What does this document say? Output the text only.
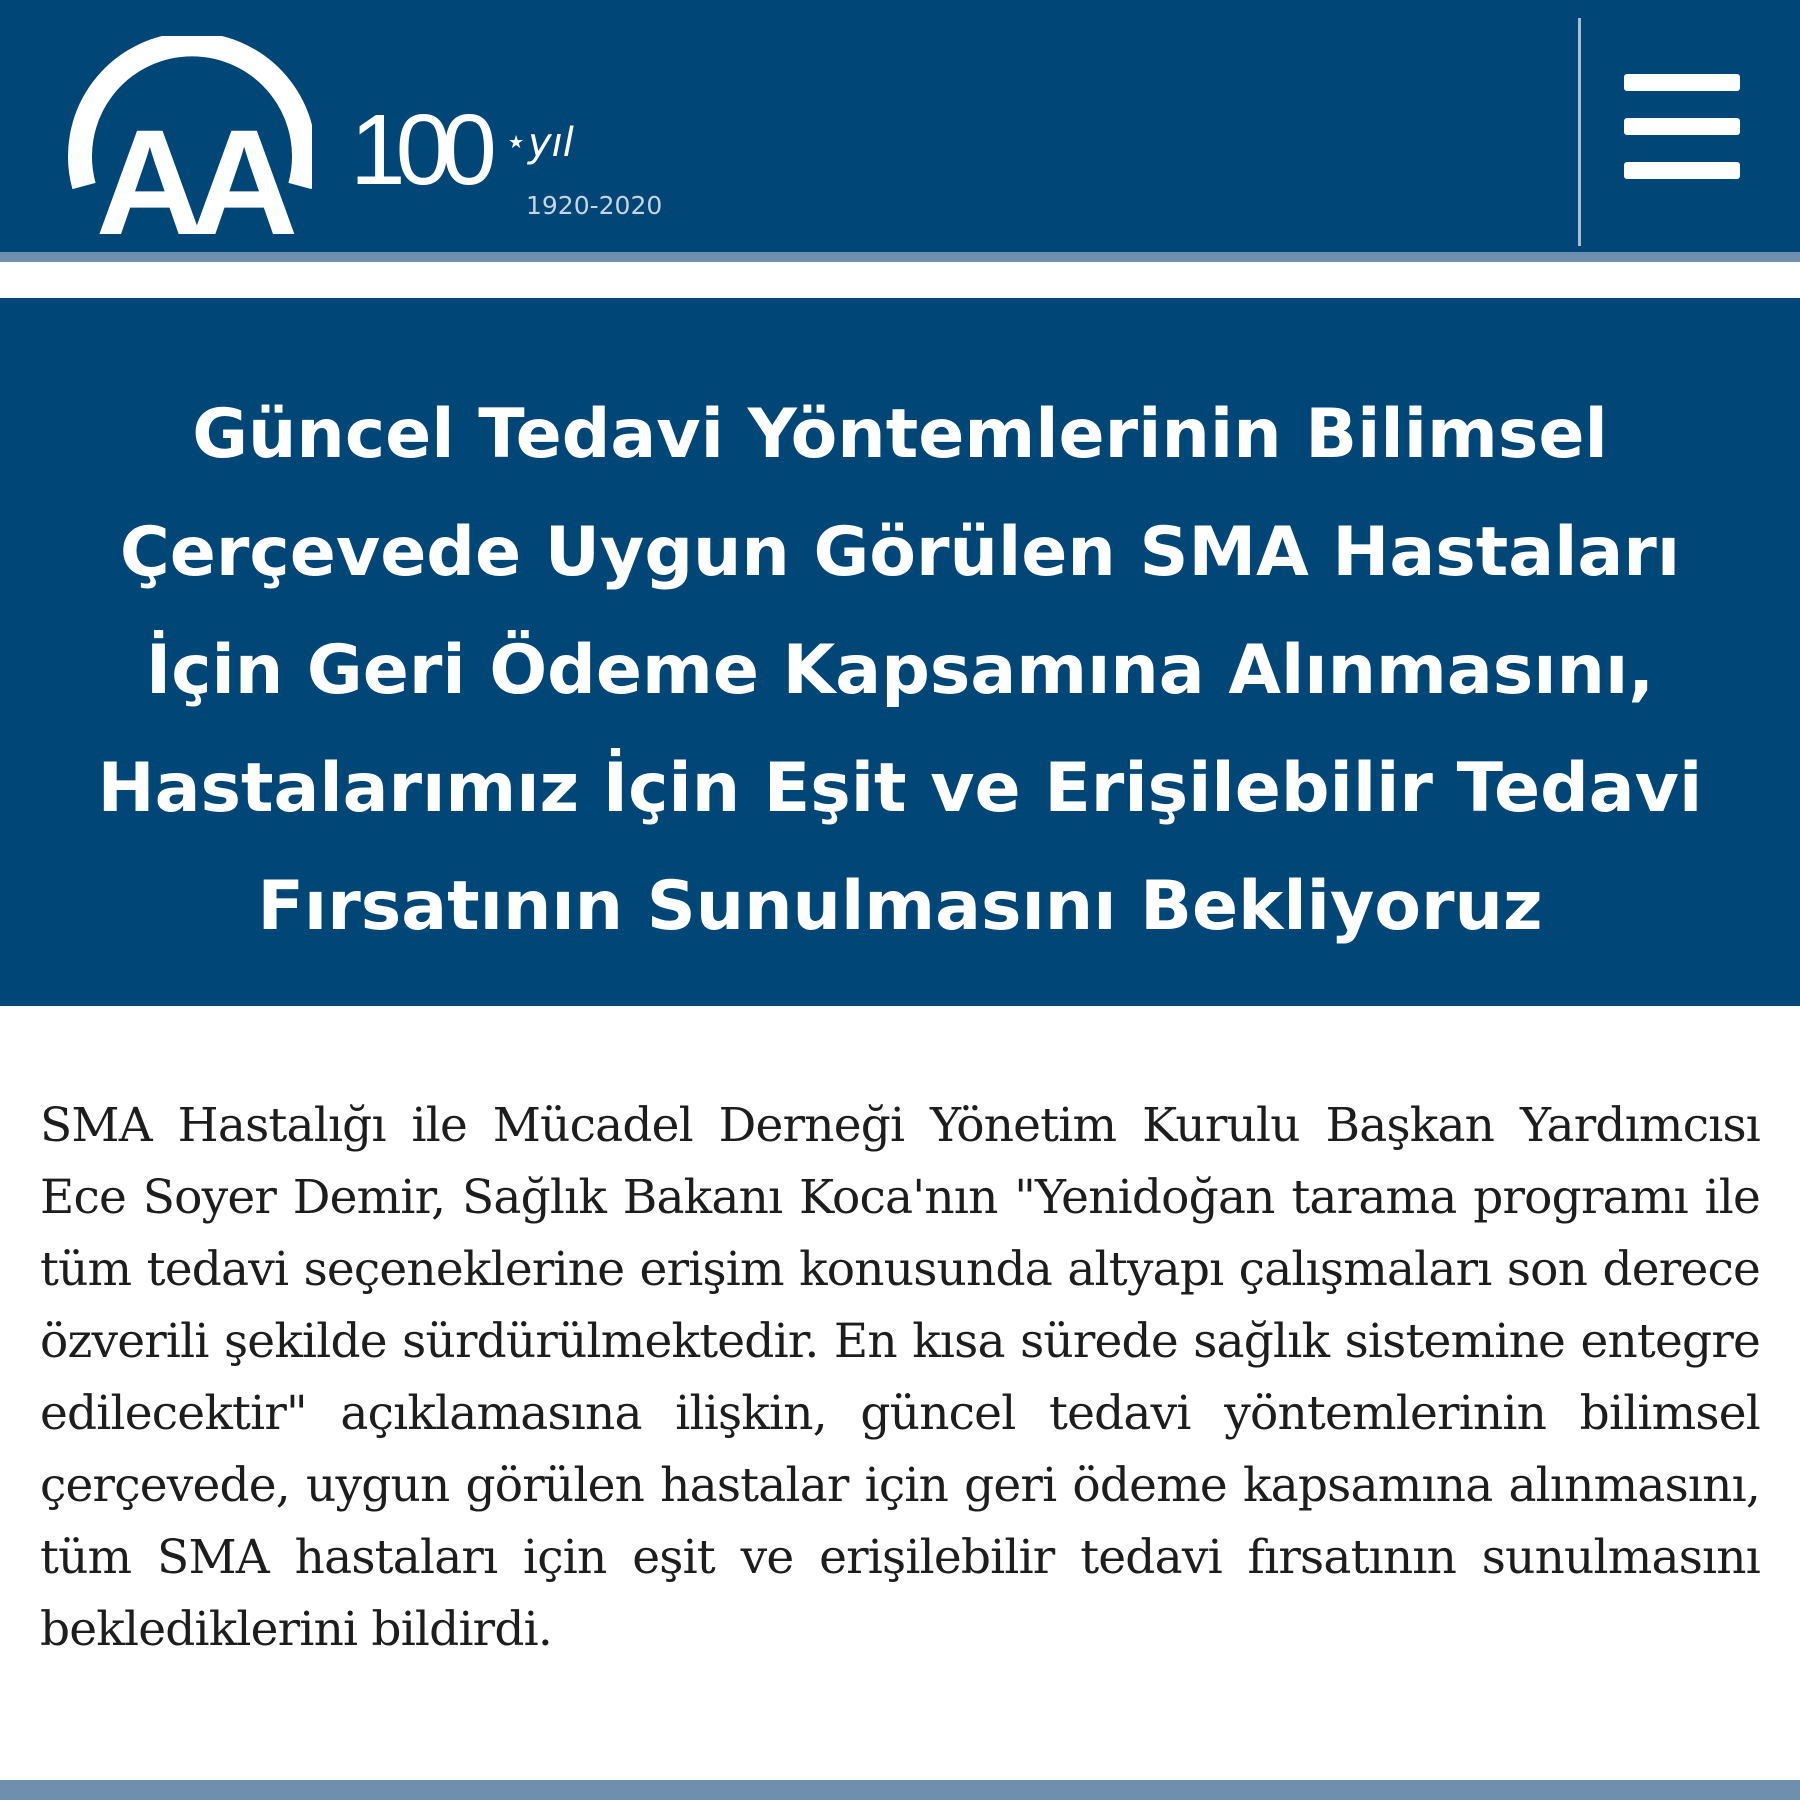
AA 100	★ yıl
1920-2020
Güncel Tedavi Yöntemlerinin Bilimsel Çerçevede Uygun Görülen SMA Hastaları İçin Geri Ödeme Kapsamına Alınmasını, Hastalarımız İçin Eşit ve Erişilebilir Tedavi Fırsatının Sunulmasını Bekliyoruz

SMA Hastalığı ile Mücadel Derneği Yönetim Kurulu Başkan Yardımcısı Ece Soyer Demir, Sağlık Bakanı Koca'nın "Yenidoğan tarama programı ile tüm tedavi seçeneklerine erişim konusunda altyapı çalışmaları son derece özverili şekilde sürdürülmektedir. En kısa sürede sağlık sistemine entegre edilecektir" açıklamasına ilişkin, güncel tedavi yöntemlerinin bilimsel çerçevede, uygun görülen hastalar için geri ödeme kapsamına alınmasını, tüm SMA hastaları için eşit ve erişilebilir tedavi fırsatının sunulmasını beklediklerini bildirdi.
